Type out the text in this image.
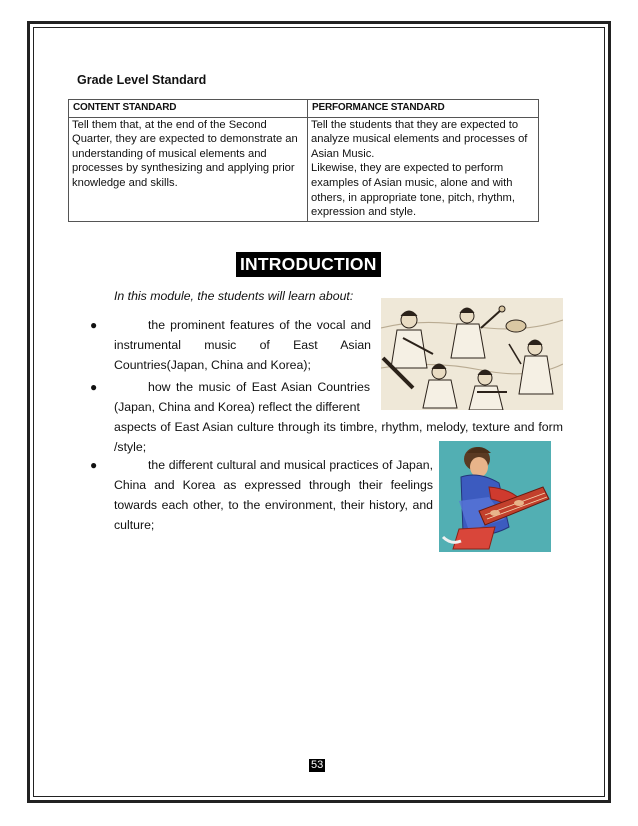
Grade Level Standard
CONTENT STANDARD	PERFORMANCE STANDARD
Tell them that, at the end of the Second Quarter, they are expected to demonstrate an understanding of musical elements and processes by synthesizing and applying prior knowledge and skills.	Tell the students that they are expected to analyze musical elements and processes of Asian Music.
Likewise, they are expected to perform examples of Asian music, alone and with others, in appropriate tone, pitch, rhythm, expression and style.
INTRODUCTION
In this module, the students will learn about:
●	the prominent features of the vocal and instrumental music of East Asian Countries(Japan, China and Korea);

●	how the music of East Asian Countries (Japan, China and Korea) reflect the different

aspects of East Asian culture through its timbre, rhythm, melody, texture and form /style;

●	the different cultural and musical practices of Japan, China and Korea as expressed through their feelings towards each other, to the environment, their history, and culture;

53
